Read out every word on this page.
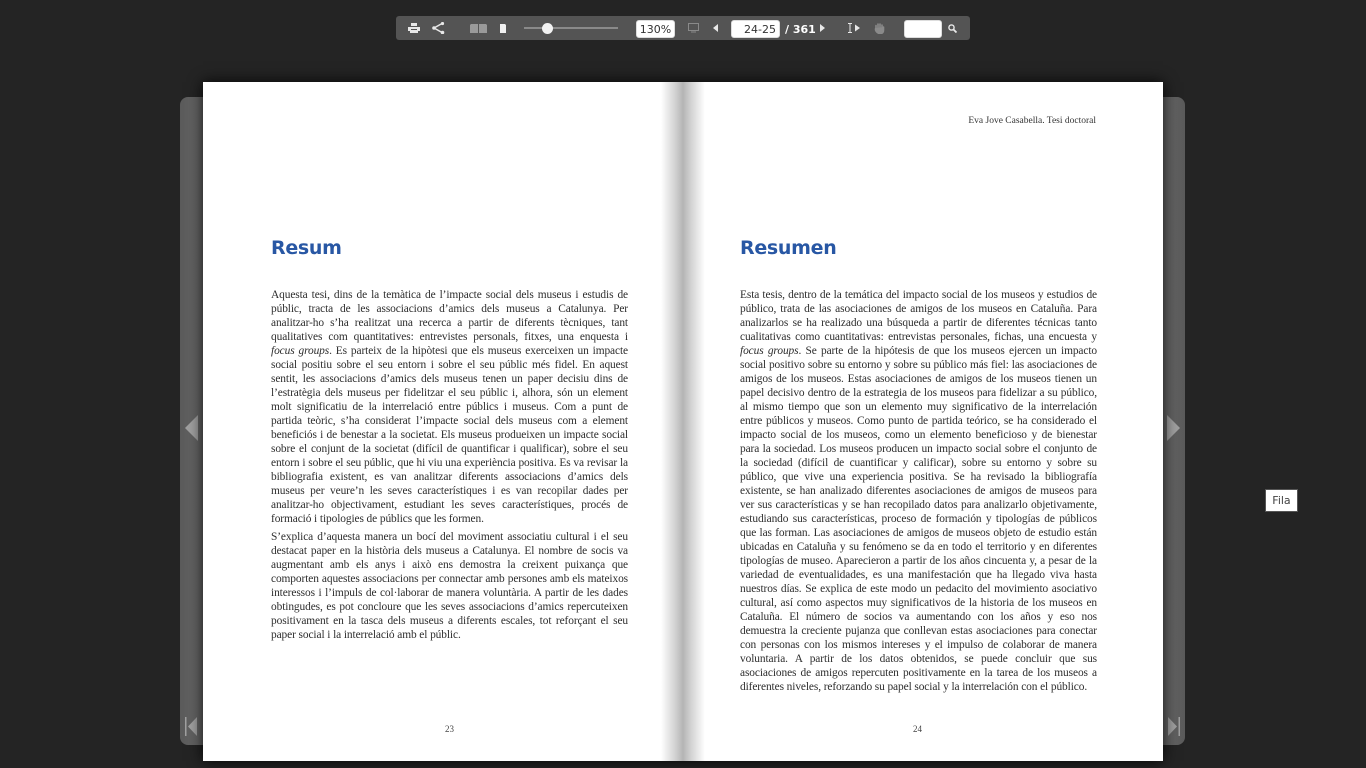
130%	24-25 / 361
Resum

Aquesta tesi, dins de la temàtica de l’impacte social dels museus i estudis de públic, tracta de les associacions d’amics dels museus a Catalunya. Per analitzar-ho s’ha realitzat una recerca a partir de diferents tècniques, tant qualitatives com quantitatives: entrevistes personals, fitxes, una enquesta i focus groups. Es parteix de la hipòtesi que els museus exerceixen un impacte social positiu sobre el seu entorn i sobre el seu públic més fidel. En aquest sentit, les associacions d’amics dels museus tenen un paper decisiu dins de l’estratègia dels museus per fidelitzar el seu públic i, alhora, són un element molt significatiu de la interrelació entre públics i museus. Com a punt de partida teòric, s’ha considerat l’impacte social dels museus com a element beneficiós i de benestar a la societat. Els museus produeixen un impacte social sobre el conjunt de la societat (difícil de quantificar i qualificar), sobre el seu entorn i sobre el seu públic, que hi viu una experiència positiva. Es va revisar la bibliografia existent, es van analitzar diferents associacions d’amics dels museus per veure’n les seves característiques i es van recopilar dades per analitzar-ho objectivament, estudiant les seves característiques, procés de formació i tipologies de públics que les formen.

S’explica d’aquesta manera un bocí del moviment associatiu cultural i el seu destacat paper en la història dels museus a Catalunya. El nombre de socis va augmentant amb els anys i això ens demostra la creixent puixança que comporten aquestes associacions per connectar amb persones amb els mateixos interessos i l’impuls de col·laborar de manera voluntària. A partir de les dades obtingudes, es pot concloure que les seves associacions d’amics repercuteixen positivament en la tasca dels museus a diferents escales, tot reforçant el seu paper social i la interrelació amb el públic.

23
Eva Jove Casabella. Tesi doctoral
Resumen

Esta tesis, dentro de la temática del impacto social de los museos y estudios de público, trata de las asociaciones de amigos de los museos en Cataluña. Para analizarlos se ha realizado una búsqueda a partir de diferentes técnicas tanto cualitativas como cuantitativas: entrevistas personales, fichas, una encuesta y focus groups. Se parte de la hipótesis de que los museos ejercen un impacto social positivo sobre su entorno y sobre su público más fiel: las asociaciones de amigos de los museos. Estas asociaciones de amigos de los museos tienen un papel decisivo dentro de la estrategia de los museos para fidelizar a su público, al mismo tiempo que son un elemento muy significativo de la interrelación entre públicos y museos. Como punto de partida teórico, se ha considerado el impacto social de los museos, como un elemento beneficioso y de bienestar para la sociedad. Los museos producen un impacto social sobre el conjunto de la sociedad (difícil de cuantificar y calificar), sobre su entorno y sobre su público, que vive una experiencia positiva. Se ha revisado la bibliografía existente, se han analizado diferentes asociaciones de amigos de museos para ver sus características y se han recopilado datos para analizarlo objetivamente, estudiando sus características, proceso de formación y tipologías de públicos que las forman. Las asociaciones de amigos de museos objeto de estudio están ubicadas en Cataluña y su fenómeno se da en todo el territorio y en diferentes tipologías de museo. Aparecieron a partir de los años cincuenta y, a pesar de la variedad de eventualidades, es una manifestación que ha llegado viva hasta nuestros días. Se explica de este modo un pedacito del movimiento asociativo cultural, así como aspectos muy significativos de la historia de los museos en Cataluña. El número de socios va aumentando con los años y eso nos demuestra la creciente pujanza que conllevan estas asociaciones para conectar con personas con los mismos intereses y el impulso de colaborar de manera voluntaria. A partir de los datos obtenidos, se puede concluir que sus asociaciones de amigos repercuten positivamente en la tarea de los museos a diferentes niveles, reforzando su papel social y la interrelación con el público.

24
Fila
